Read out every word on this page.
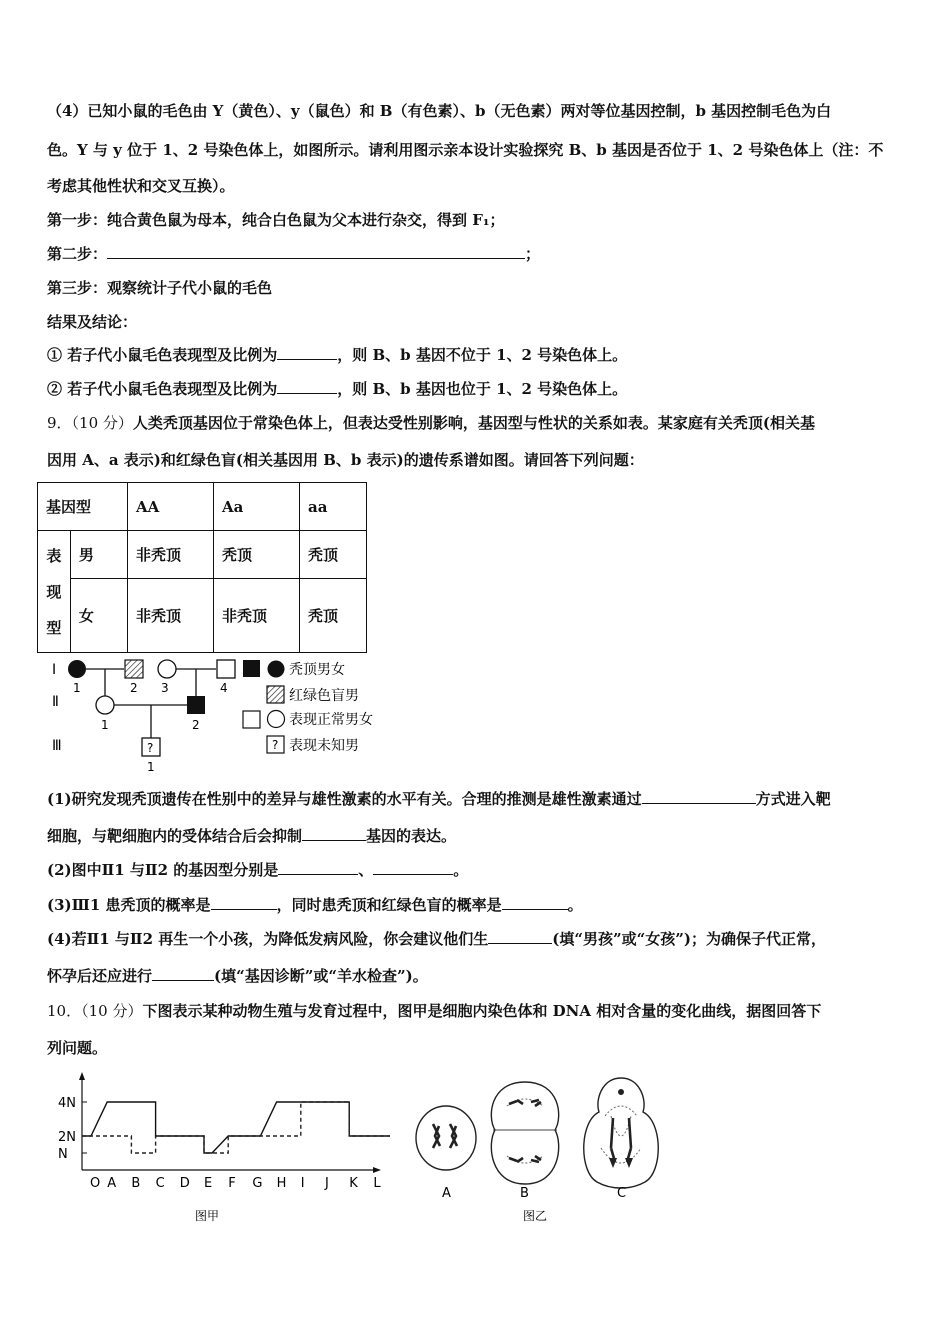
（4）已知小鼠的毛色由 Y（黄色）、y（鼠色）和 B（有色素）、b（无色素）两对等位基因控制，b 基因控制毛色为白
色。Y 与 y 位于 1、2 号染色体上，如图所示。请利用图示亲本设计实验探究 B、b 基因是否位于 1、2 号染色体上（注：不
考虑其他性状和交叉互换）。
第一步：纯合黄色鼠为母本，纯合白色鼠为父本进行杂交，得到 F₁；
第二步：	；
第三步：观察统计子代小鼠的毛色
结果及结论：
① 若子代小鼠毛色表现型及比例为	，则 B、b 基因不位于 1、2 号染色体上。
② 若子代小鼠毛色表现型及比例为	，则 B、b 基因也位于 1、2 号染色体上。
9．（10 分）人类秃顶基因位于常染色体上，但表达受性别影响，基因型与性状的关系如表。某家庭有关秃顶(相关基
因用 A、a 表示)和红绿色盲(相关基因用 B、b 表示)的遗传系谱如图。请回答下列问题：
基因型		AA	Aa	aa
表
现
型	男	非秃顶	秃顶	秃顶
	女	非秃顶	非秃顶	秃顶
Ⅰ
Ⅱ
Ⅲ
1	2 3	4
1	2
?
1
秃顶男女
红绿色盲男
表现正常男女
? 表现未知男
(1)研究发现秃顶遗传在性别中的差异与雄性激素的水平有关。合理的推测是雄性激素通过	方式进入靶
细胞，与靶细胞内的受体结合后会抑制	基因的表达。
(2)图中Ⅱ1 与Ⅱ2 的基因型分别是	、	。
(3)Ⅲ1 患秃顶的概率是	，同时患秃顶和红绿色盲的概率是	。
(4)若Ⅱ1 与Ⅱ2 再生一个小孩，为降低发病风险，你会建议他们生	(填“男孩”或“女孩”)；为确保子代正常，
怀孕后还应进行	(填“基因诊断”或“羊水检查”)。
10．（10 分）下图表示某种动物生殖与发育过程中，图甲是细胞内染色体和 DNA 相对含量的变化曲线，据图回答下
列问题。
4N
2N
N
O A B C D E F G H I J K L
图甲
A	B	C
图乙
